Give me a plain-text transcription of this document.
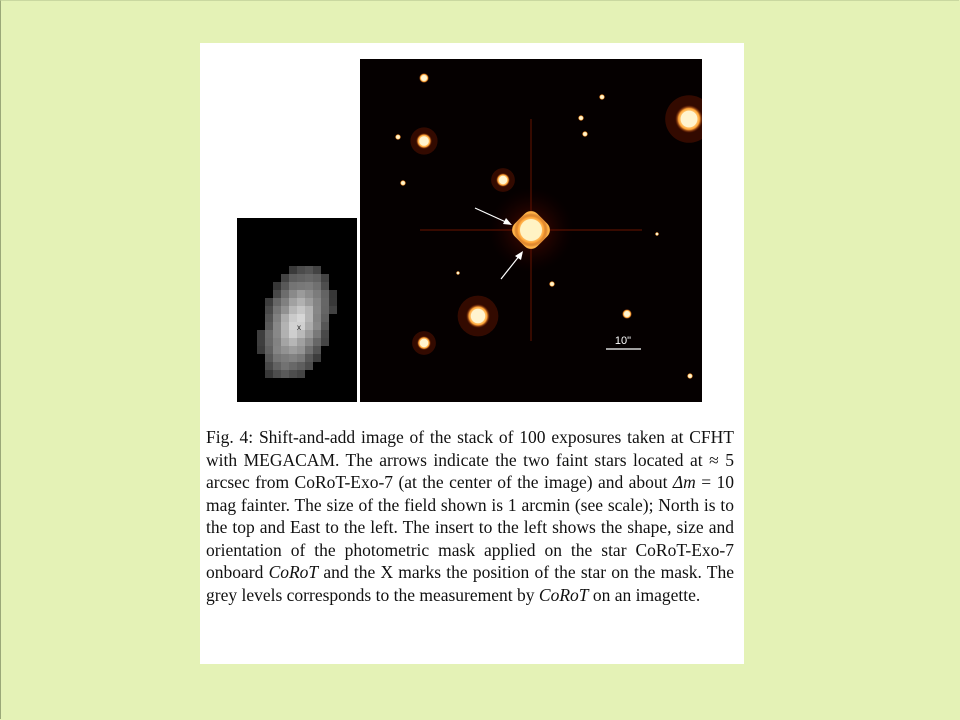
x
10"

Fig. 4: Shift-and-add image of the stack of 100 exposures taken at CFHT with MEGACAM. The arrows indicate the two faint stars located at ≈ 5 arcsec from CoRoT-Exo-7 (at the center of the image) and about Δm = 10 mag fainter. The size of the field shown is 1 arcmin (see scale); North is to the top and East to the left. The insert to the left shows the shape, size and orientation of the photometric mask applied on the star CoRoT-Exo-7 onboard CoRoT and the X marks the position of the star on the mask. The grey levels corresponds to the measurement by CoRoT on an imagette.
